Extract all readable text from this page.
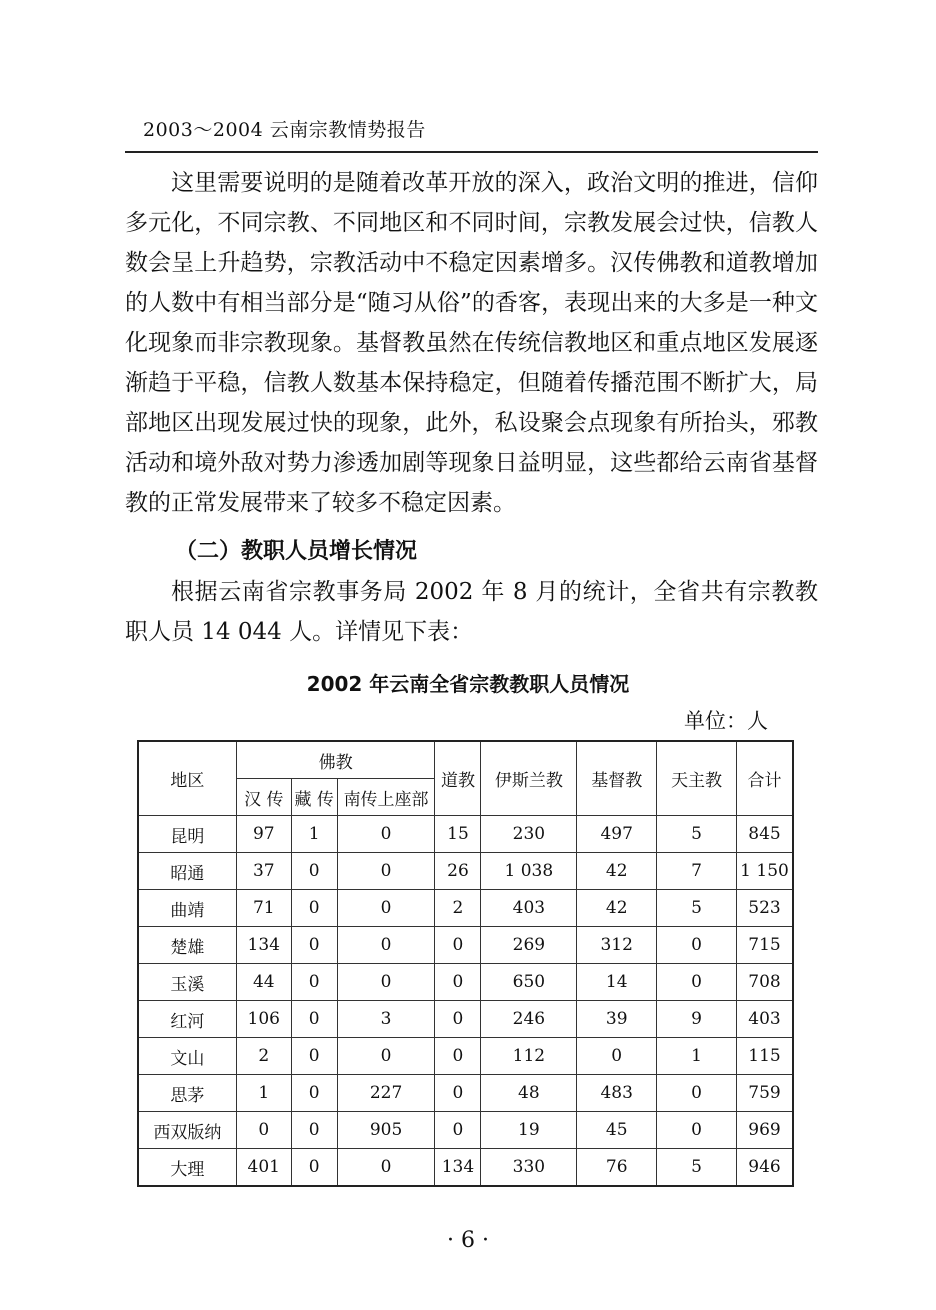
2003～2004 云南宗教情势报告

这里需要说明的是随着改革开放的深入，政治文明的推进，信仰多元化，不同宗教、不同地区和不同时间，宗教发展会过快，信教人数会呈上升趋势，宗教活动中不稳定因素增多。汉传佛教和道教增加的人数中有相当部分是“随习从俗”的香客，表现出来的大多是一种文化现象而非宗教现象。基督教虽然在传统信教地区和重点地区发展逐渐趋于平稳，信教人数基本保持稳定，但随着传播范围不断扩大，局部地区出现发展过快的现象，此外，私设聚会点现象有所抬头，邪教活动和境外敌对势力渗透加剧等现象日益明显，这些都给云南省基督教的正常发展带来了较多不稳定因素。

（二）教职人员增长情况

根据云南省宗教事务局 2002 年 8 月的统计，全省共有宗教教职人员 14 044 人。详情见下表：

2002 年云南全省宗教教职人员情况
单位：人
地区	佛教			道教	伊斯兰教	基督教	天主教	合计
	汉 传	藏 传	南传上座部					
昆明	97	1	0	15	230	497	5	845
昭通	37	0	0	26	1 038	42	7	1 150
曲靖	71	0	0	2	403	42	5	523
楚雄	134	0	0	0	269	312	0	715
玉溪	44	0	0	0	650	14	0	708
红河	106	0	3	0	246	39	9	403
文山	2	0	0	0	112	0	1	115
思茅	1	0	227	0	48	483	0	759
西双版纳	0	0	905	0	19	45	0	969
大理	401	0	0	134	330	76	5	946
· 6 ·
